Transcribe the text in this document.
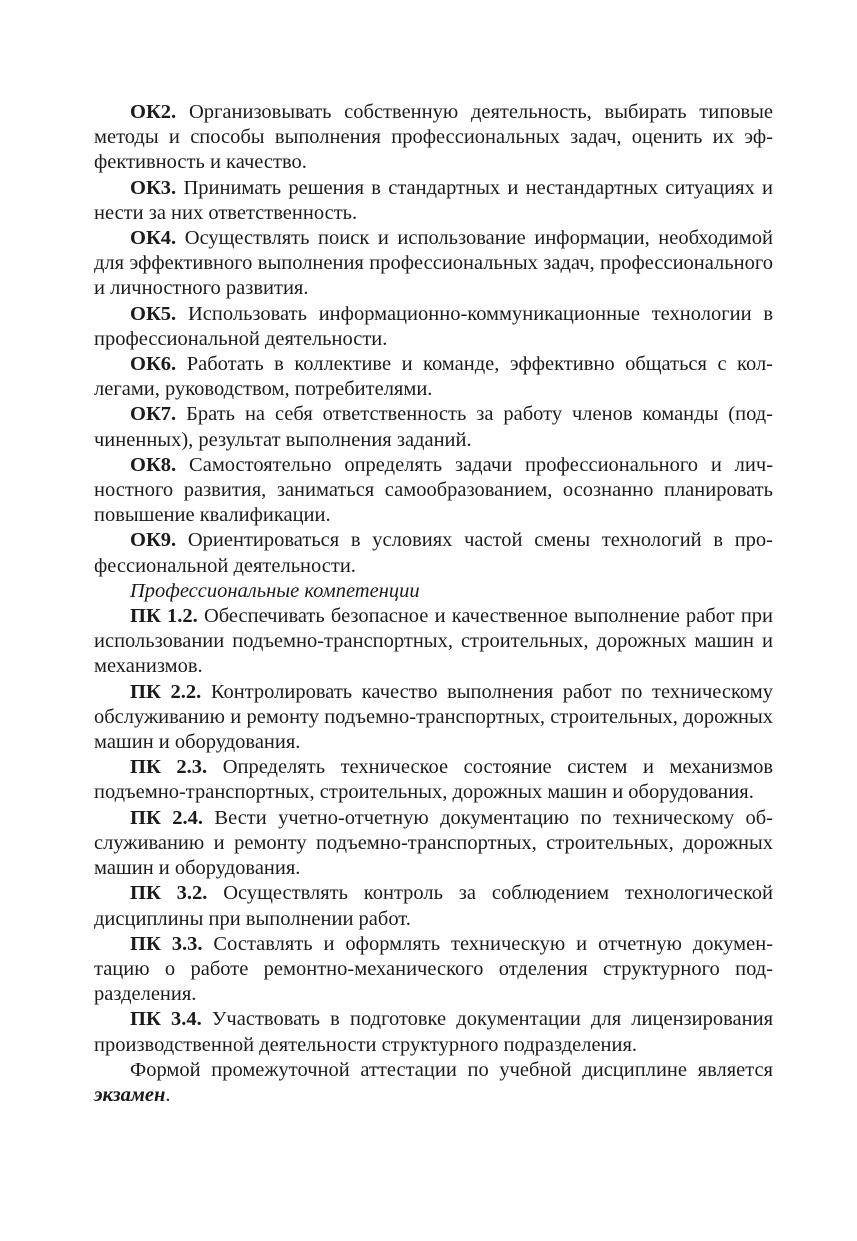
ОК2. Организовывать собственную деятельность, выбирать типовые методы и способы выполнения профессиональных задач, оценить их эффективность и качество.

ОК3. Принимать решения в стандартных и нестандартных ситуациях и нести за них ответственность.

ОК4. Осуществлять поиск и использование информации, необходимой для эффективного выполнения профессиональных задач, профессионального и личностного развития.

ОК5. Использовать информационно-коммуникационные технологии в профессиональной деятельности.

ОК6. Работать в коллективе и команде, эффективно общаться с коллегами, руководством, потребителями.

ОК7. Брать на себя ответственность за работу членов команды (подчиненных), результат выполнения заданий.

ОК8. Самостоятельно определять задачи профессионального и личностного развития, заниматься самообразованием, осознанно планировать повышение квалификации.

ОК9. Ориентироваться в условиях частой смены технологий в профессиональной деятельности.

Профессиональные компетенции

ПК 1.2. Обеспечивать безопасное и качественное выполнение работ при использовании подъемно-транспортных, строительных, дорожных машин и механизмов.

ПК 2.2. Контролировать качество выполнения работ по техническому обслуживанию и ремонту подъемно-транспортных, строительных, дорожных машин и оборудования.

ПК 2.3. Определять техническое состояние систем и механизмов подъемно-транспортных, строительных, дорожных машин и оборудования.

ПК 2.4. Вести учетно-отчетную документацию по техническому обслуживанию и ремонту подъемно-транспортных, строительных, дорожных машин и оборудования.

ПК 3.2. Осуществлять контроль за соблюдением технологической дисциплины при выполнении работ.

ПК 3.3. Составлять и оформлять техническую и отчетную документацию о работе ремонтно-механического отделения структурного подразделения.

ПК 3.4. Участвовать в подготовке документации для лицензирования производственной деятельности структурного подразделения.

Формой промежуточной аттестации по учебной дисциплине является экзамен.
